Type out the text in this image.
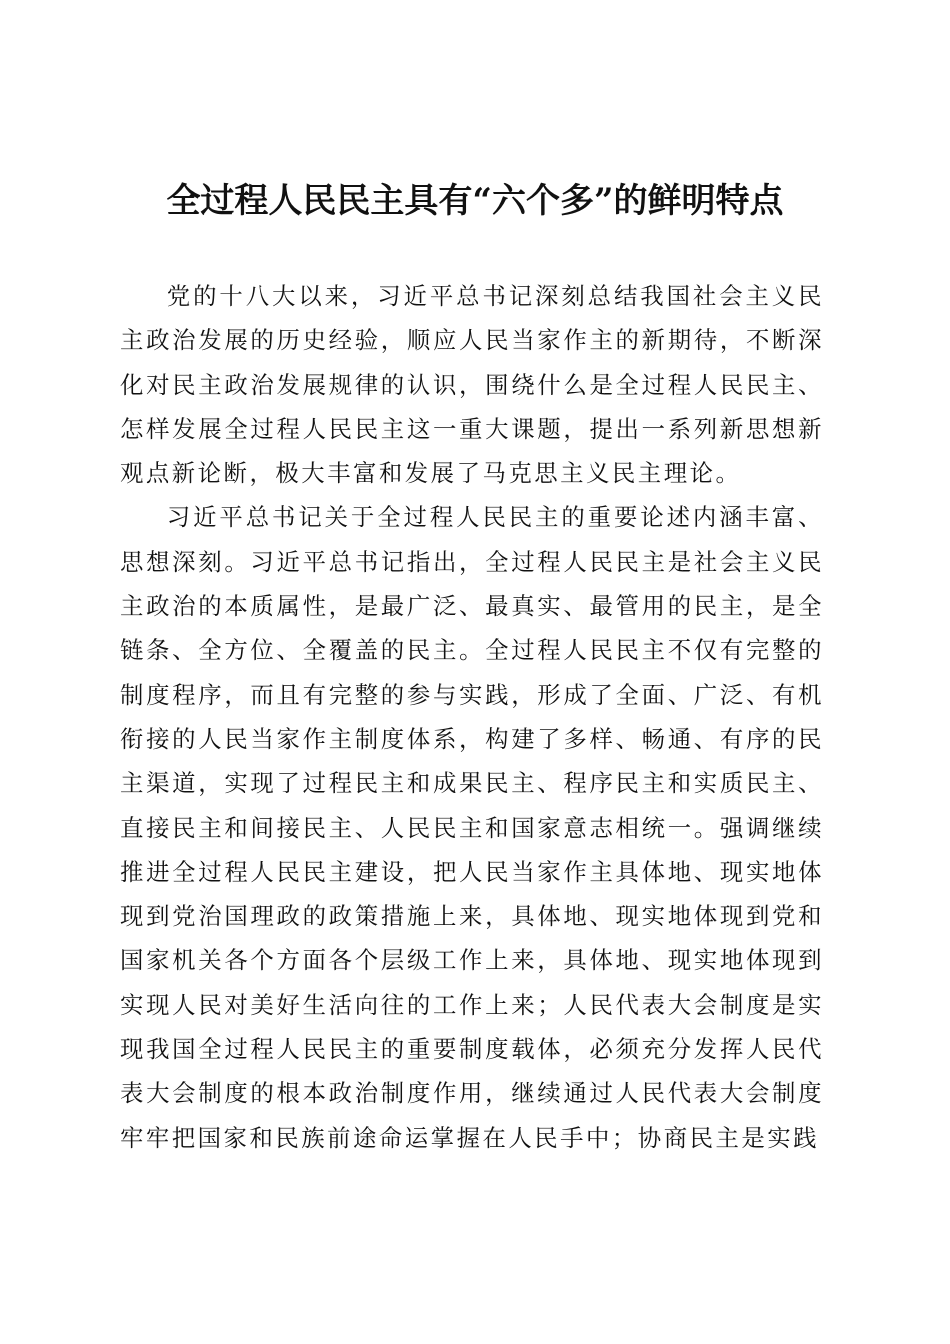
全过程人民民主具有“六个多”的鲜明特点

党的十八大以来，习近平总书记深刻总结我国社会主义民主政治发展的历史经验，顺应人民当家作主的新期待，不断深化对民主政治发展规律的认识，围绕什么是全过程人民民主、怎样发展全过程人民民主这一重大课题，提出一系列新思想新观点新论断，极大丰富和发展了马克思主义民主理论。

习近平总书记关于全过程人民民主的重要论述内涵丰富、思想深刻。习近平总书记指出，全过程人民民主是社会主义民主政治的本质属性，是最广泛、最真实、最管用的民主，是全链条、全方位、全覆盖的民主。全过程人民民主不仅有完整的制度程序，而且有完整的参与实践，形成了全面、广泛、有机衔接的人民当家作主制度体系，构建了多样、畅通、有序的民主渠道，实现了过程民主和成果民主、程序民主和实质民主、直接民主和间接民主、人民民主和国家意志相统一。强调继续推进全过程人民民主建设，把人民当家作主具体地、现实地体现到党治国理政的政策措施上来，具体地、现实地体现到党和国家机关各个方面各个层级工作上来，具体地、现实地体现到实现人民对美好生活向往的工作上来；人民代表大会制度是实现我国全过程人民民主的重要制度载体，必须充分发挥人民代表大会制度的根本政治制度作用，继续通过人民代表大会制度牢牢把国家和民族前途命运掌握在人民手中；协商民主是实践
